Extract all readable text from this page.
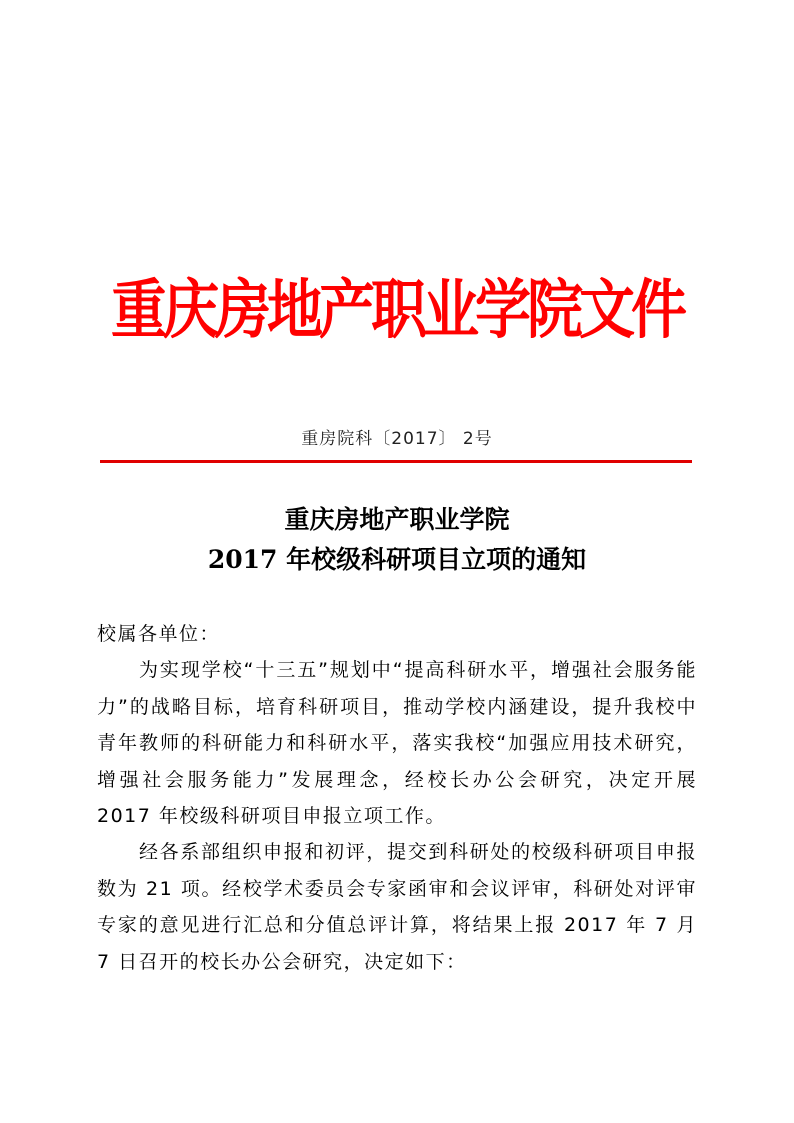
重庆房地产职业学院文件
重房院科〔2017〕 2号
重庆房地产职业学院
2017 年校级科研项目立项的通知
校属各单位：
为实现学校“十三五”规划中“提高科研水平，增强社会服务能力”的战略目标，培育科研项目，推动学校内涵建设，提升我校中青年教师的科研能力和科研水平，落实我校“加强应用技术研究，增强社会服务能力”发展理念，经校长办公会研究，决定开展 2017 年校级科研项目申报立项工作。
经各系部组织申报和初评，提交到科研处的校级科研项目申报数为 21 项。经校学术委员会专家函审和会议评审，科研处对评审专家的意见进行汇总和分值总评计算，将结果上报 2017 年 7 月 7 日召开的校长办公会研究，决定如下：
